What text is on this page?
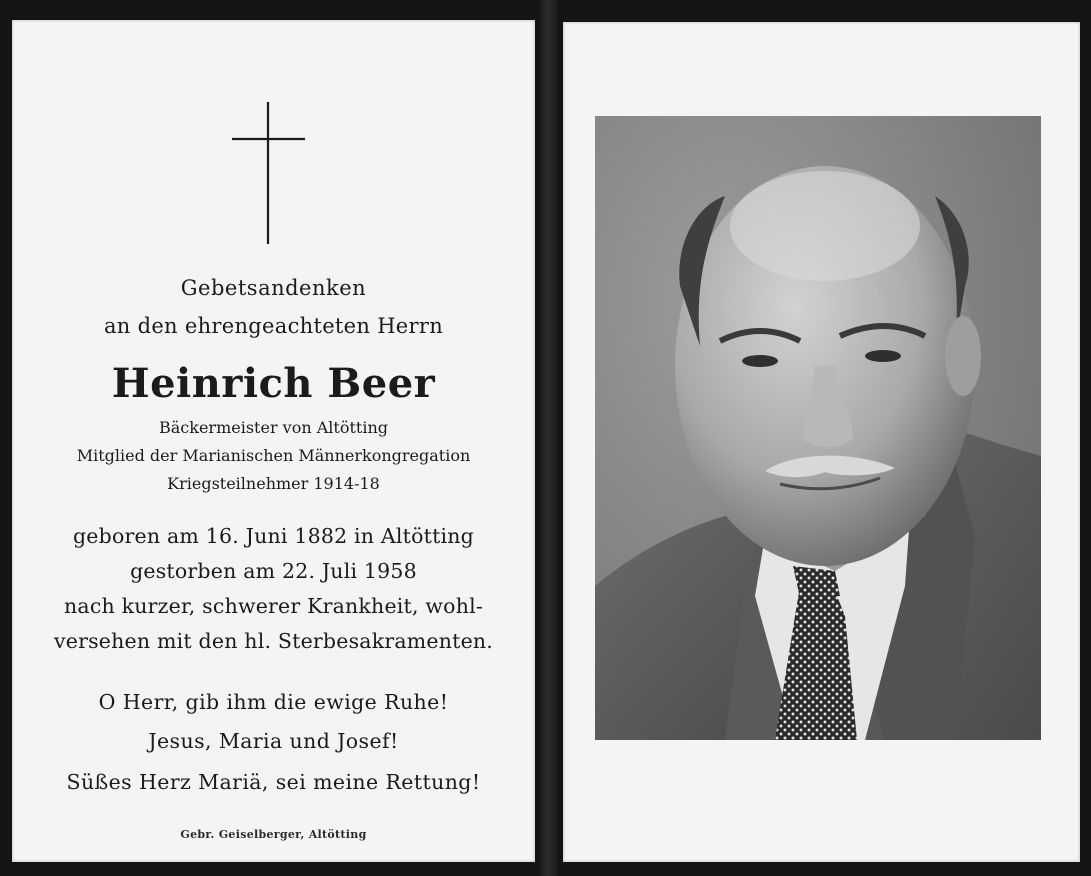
Gebetsandenken
an den ehrengeachteten Herrn
Heinrich Beer
Bäckermeister von Altötting
Mitglied der Marianischen Männerkongregation
Kriegsteilnehmer 1914-18
geboren am 16. Juni 1882 in Altötting
gestorben am 22. Juli 1958
nach kurzer, schwerer Krankheit, wohl-
versehen mit den hl. Sterbesakramenten.
O Herr, gib ihm die ewige Ruhe!
Jesus, Maria und Josef!
Süßes Herz Mariä, sei meine Rettung!
Gebr. Geiselberger, Altötting
